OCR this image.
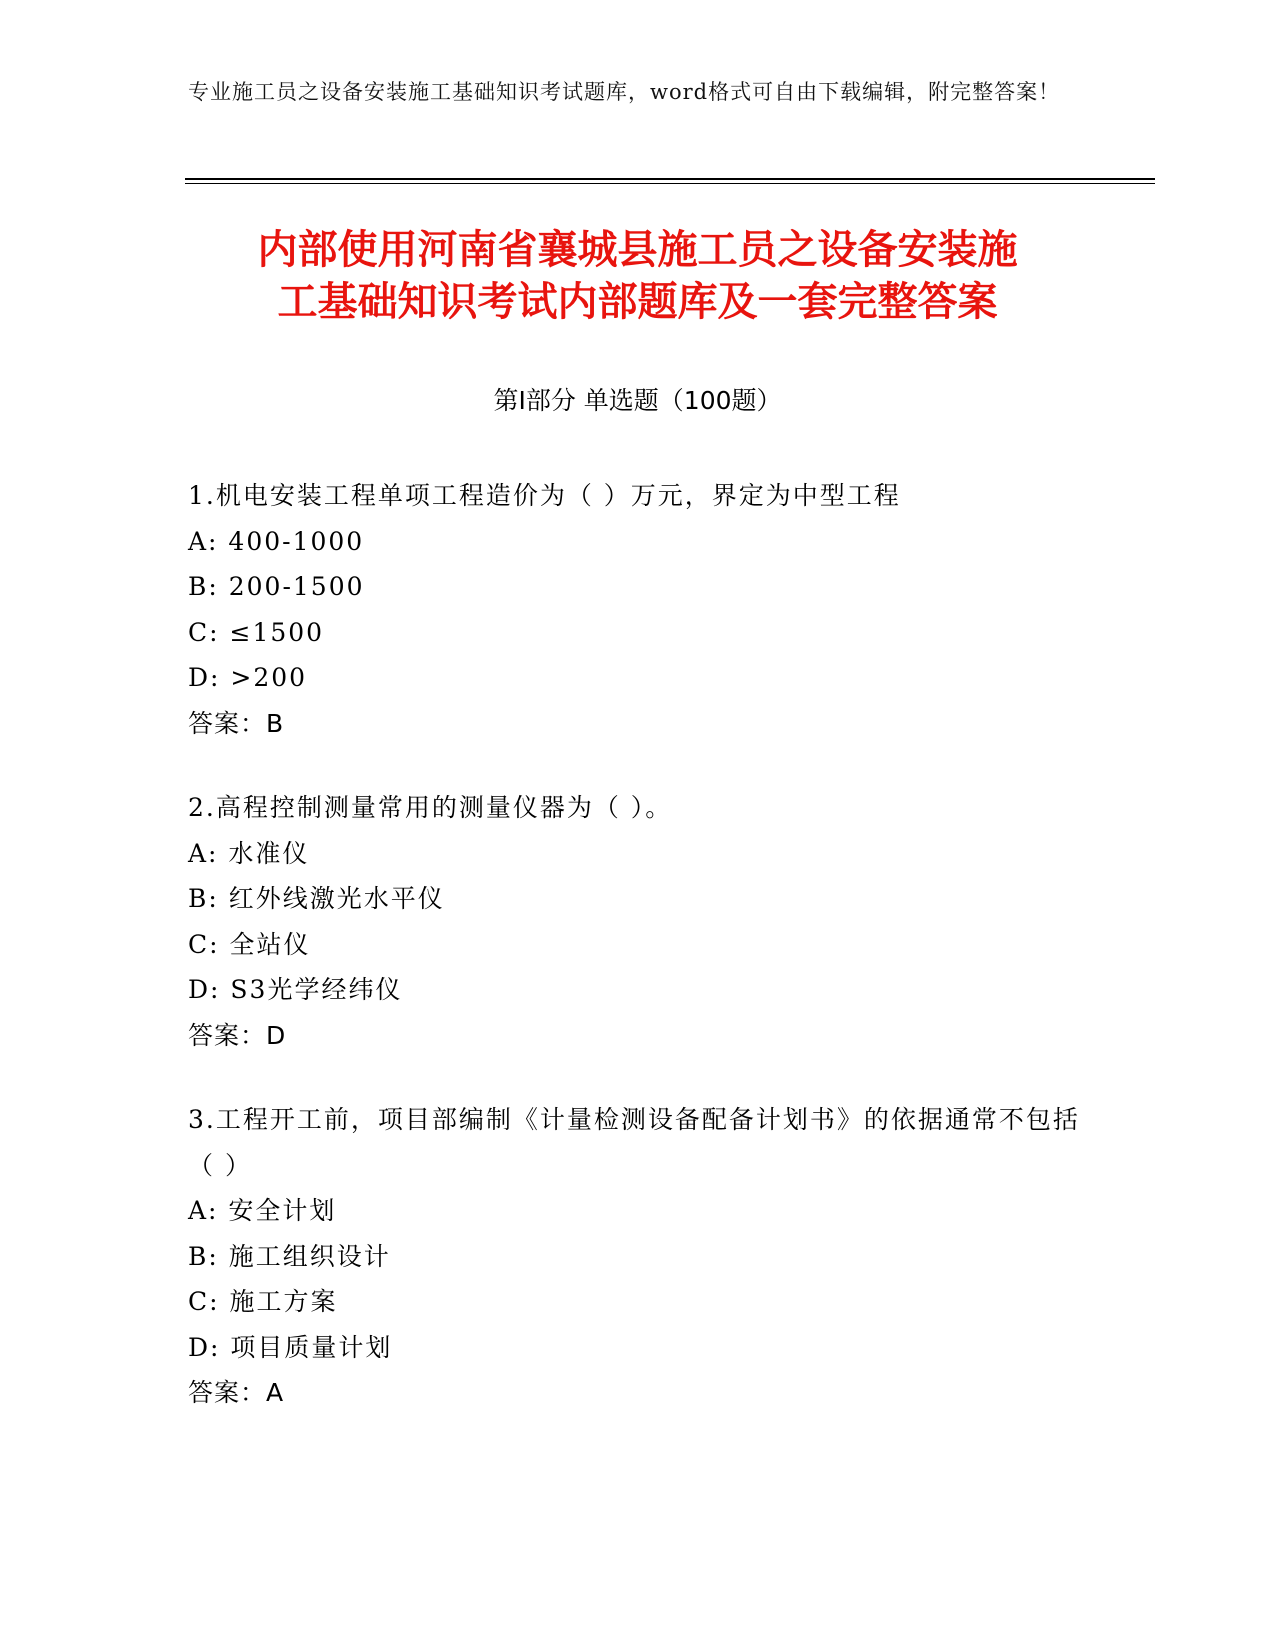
专业施工员之设备安装施工基础知识考试题库，word格式可自由下载编辑，附完整答案！
内部使用河南省襄城县施工员之设备安装施
工基础知识考试内部题库及一套完整答案
第Ⅰ部分 单选题（100题）

1.机电安装工程单项工程造价为（ ）万元，界定为中型工程

A: 400-1000

B: 200-1500

C: ≤1500

D: >200

答案：B

2.高程控制测量常用的测量仪器为（ ）。

A: 水准仪

B: 红外线激光水平仪

C: 全站仪

D: S3光学经纬仪

答案：D

3.工程开工前，项目部编制《计量检测设备配备计划书》的依据通常不包括（ ）

A: 安全计划

B: 施工组织设计

C: 施工方案

D: 项目质量计划

答案：A
